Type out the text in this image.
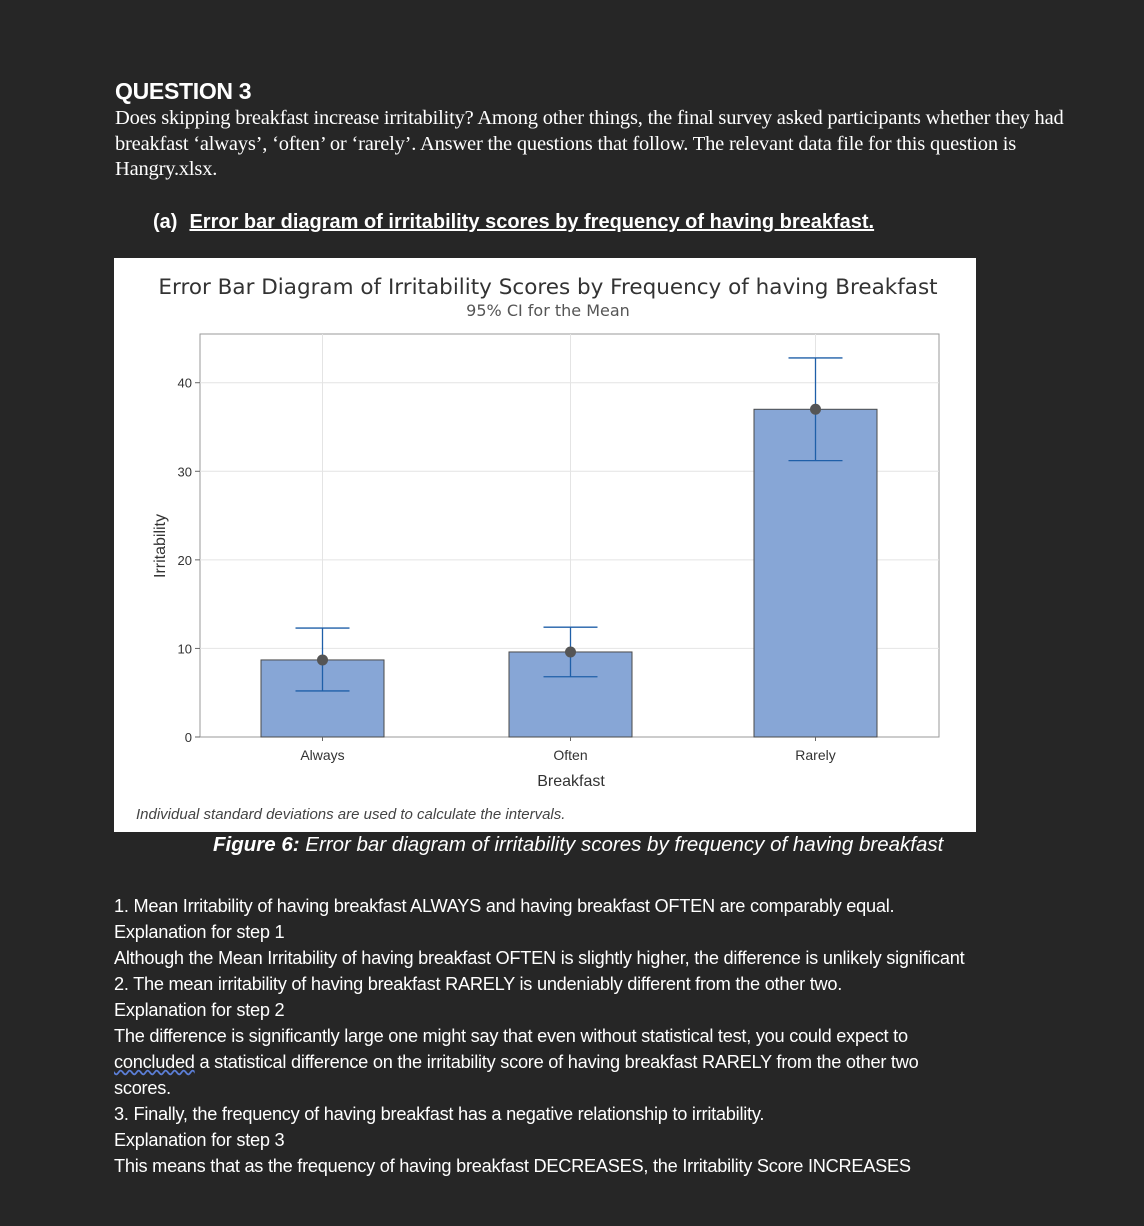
QUESTION 3
Does skipping breakfast increase irritability? Among other things, the final survey asked participants whether they had breakfast ‘always’, ‘often’ or ‘rarely’. Answer the questions that follow. The relevant data file for this question is Hangry.xlsx.
(a) Error bar diagram of irritability scores by frequency of having breakfast.
Error Bar Diagram of Irritability Scores by Frequency of having Breakfast
95% CI for the Mean
0
10
20
30
40
Always	Often	Rarely
Breakfast
Irritability
Individual standard deviations are used to calculate the intervals.
Figure 6: Error bar diagram of irritability scores by frequency of having breakfast
1. Mean Irritability of having breakfast ALWAYS and having breakfast OFTEN are comparably equal.
Explanation for step 1
Although the Mean Irritability of having breakfast OFTEN is slightly higher, the difference is unlikely significant
2. The mean irritability of having breakfast RARELY is undeniably different from the other two.
Explanation for step 2
The difference is significantly large one might say that even without statistical test, you could expect to
concluded a statistical difference on the irritability score of having breakfast RARELY from the other two
scores.
3. Finally, the frequency of having breakfast has a negative relationship to irritability.
Explanation for step 3
This means that as the frequency of having breakfast DECREASES, the Irritability Score INCREASES
